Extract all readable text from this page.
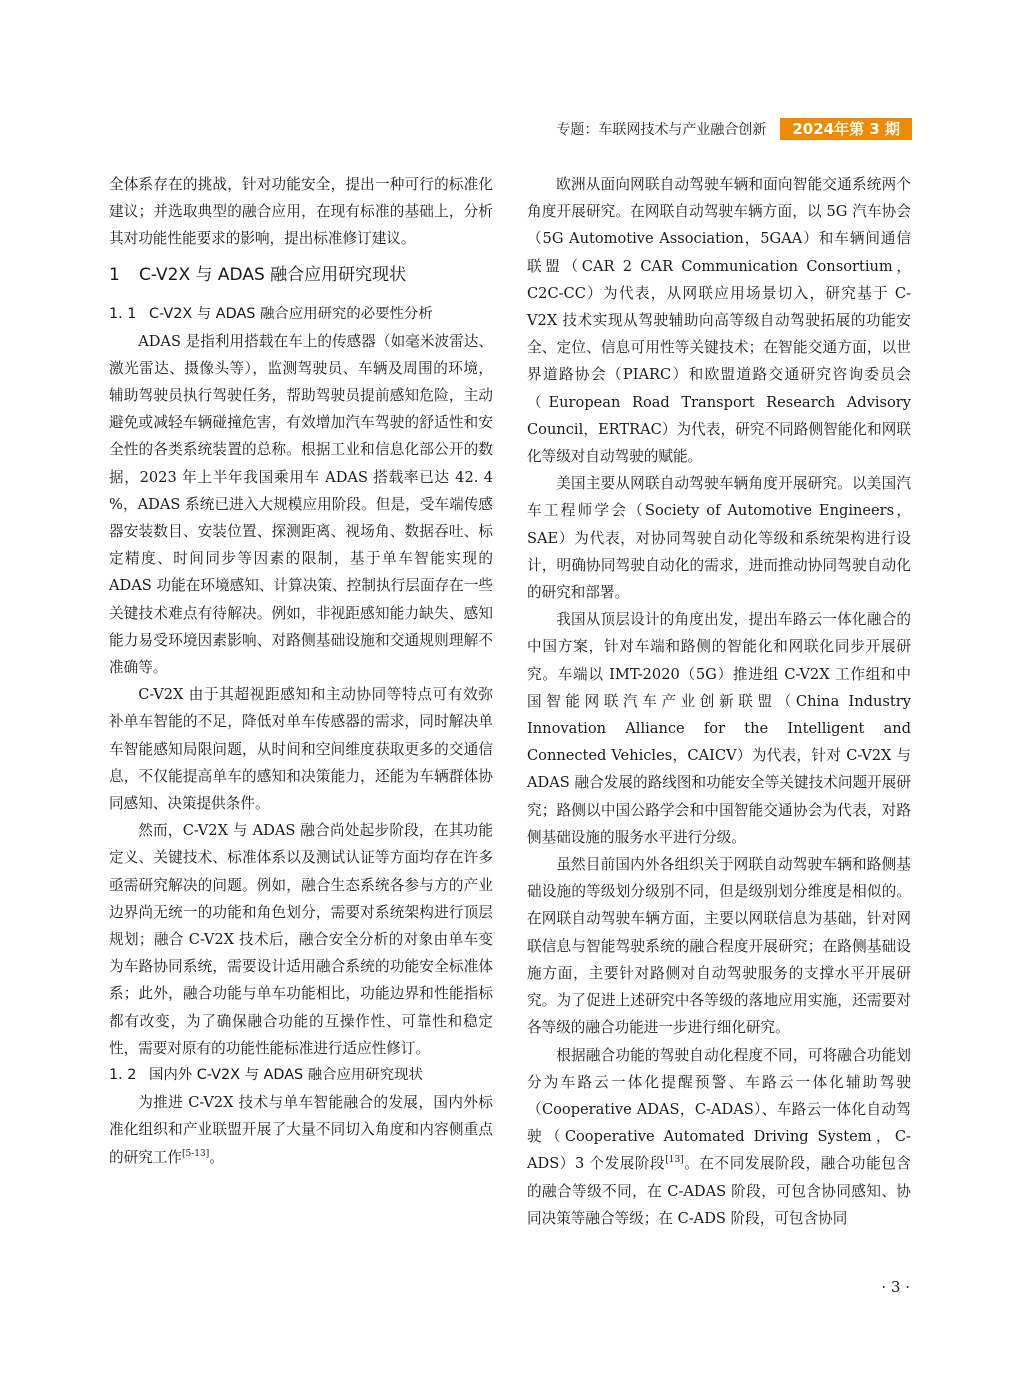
专题：车联网技术与产业融合创新	2024年第 3 期

全体系存在的挑战，针对功能安全，提出一种可行的标准化建议；并选取典型的融合应用，在现有标准的基础上，分析其对功能性能要求的影响，提出标准修订建议。

1 C-V2X 与 ADAS 融合应用研究现状
1. 1 C-V2X 与 ADAS 融合应用研究的必要性分析

ADAS 是指利用搭载在车上的传感器（如毫米波雷达、激光雷达、摄像头等），监测驾驶员、车辆及周围的环境，辅助驾驶员执行驾驶任务，帮助驾驶员提前感知危险，主动避免或减轻车辆碰撞危害，有效增加汽车驾驶的舒适性和安全性的各类系统装置的总称。根据工业和信息化部公开的数据，2023 年上半年我国乘用车 ADAS 搭载率已达 42. 4 %，ADAS 系统已进入大规模应用阶段。但是，受车端传感器安装数目、安装位置、探测距离、视场角、数据吞吐、标定精度、时间同步等因素的限制，基于单车智能实现的 ADAS 功能在环境感知、计算决策、控制执行层面存在一些关键技术难点有待解决。例如，非视距感知能力缺失、感知能力易受环境因素影响、对路侧基础设施和交通规则理解不准确等。

C-V2X 由于其超视距感知和主动协同等特点可有效弥补单车智能的不足，降低对单车传感器的需求，同时解决单车智能感知局限问题，从时间和空间维度获取更多的交通信息，不仅能提高单车的感知和决策能力，还能为车辆群体协同感知、决策提供条件。

然而，C-V2X 与 ADAS 融合尚处起步阶段，在其功能定义、关键技术、标准体系以及测试认证等方面均存在许多亟需研究解决的问题。例如，融合生态系统各参与方的产业边界尚无统一的功能和角色划分，需要对系统架构进行顶层规划；融合 C-V2X 技术后，融合安全分析的对象由单车变为车路协同系统，需要设计适用融合系统的功能安全标准体系；此外，融合功能与单车功能相比，功能边界和性能指标都有改变，为了确保融合功能的互操作性、可靠性和稳定性，需要对原有的功能性能标准进行适应性修订。

1. 2 国内外 C-V2X 与 ADAS 融合应用研究现状

为推进 C-V2X 技术与单车智能融合的发展，国内外标准化组织和产业联盟开展了大量不同切入角度和内容侧重点的研究工作[5-13]。

欧洲从面向网联自动驾驶车辆和面向智能交通系统两个角度开展研究。在网联自动驾驶车辆方面，以 5G 汽车协会（5G Automotive Association，5GAA）和车辆间通信联盟（CAR 2 CAR Communication Consortium，C2C-CC）为代表，从网联应用场景切入，研究基于 C-V2X 技术实现从驾驶辅助向高等级自动驾驶拓展的功能安全、定位、信息可用性等关键技术；在智能交通方面，以世界道路协会（PIARC）和欧盟道路交通研究咨询委员会（European Road Transport Research Advisory Council，ERTRAC）为代表，研究不同路侧智能化和网联化等级对自动驾驶的赋能。

美国主要从网联自动驾驶车辆角度开展研究。以美国汽车工程师学会（Society of Automotive Engineers，SAE）为代表，对协同驾驶自动化等级和系统架构进行设计，明确协同驾驶自动化的需求，进而推动协同驾驶自动化的研究和部署。

我国从顶层设计的角度出发，提出车路云一体化融合的中国方案，针对车端和路侧的智能化和网联化同步开展研究。车端以 IMT-2020（5G）推进组 C-V2X 工作组和中国智能网联汽车产业创新联盟（China Industry Innovation Alliance for the Intelligent and Connected Vehicles，CAICV）为代表，针对 C-V2X 与 ADAS 融合发展的路线图和功能安全等关键技术问题开展研究；路侧以中国公路学会和中国智能交通协会为代表，对路侧基础设施的服务水平进行分级。

虽然目前国内外各组织关于网联自动驾驶车辆和路侧基础设施的等级划分级别不同，但是级别划分维度是相似的。在网联自动驾驶车辆方面，主要以网联信息为基础，针对网联信息与智能驾驶系统的融合程度开展研究；在路侧基础设施方面，主要针对路侧对自动驾驶服务的支撑水平开展研究。为了促进上述研究中各等级的落地应用实施，还需要对各等级的融合功能进一步进行细化研究。

根据融合功能的驾驶自动化程度不同，可将融合功能划分为车路云一体化提醒预警、车路云一体化辅助驾驶（Cooperative ADAS，C-ADAS）、车路云一体化自动驾驶（Cooperative Automated Driving System，C-ADS）3 个发展阶段[13]。在不同发展阶段，融合功能包含的融合等级不同，在 C-ADAS 阶段，可包含协同感知、协同决策等融合等级；在 C-ADS 阶段，可包含协同

· 3 ·
